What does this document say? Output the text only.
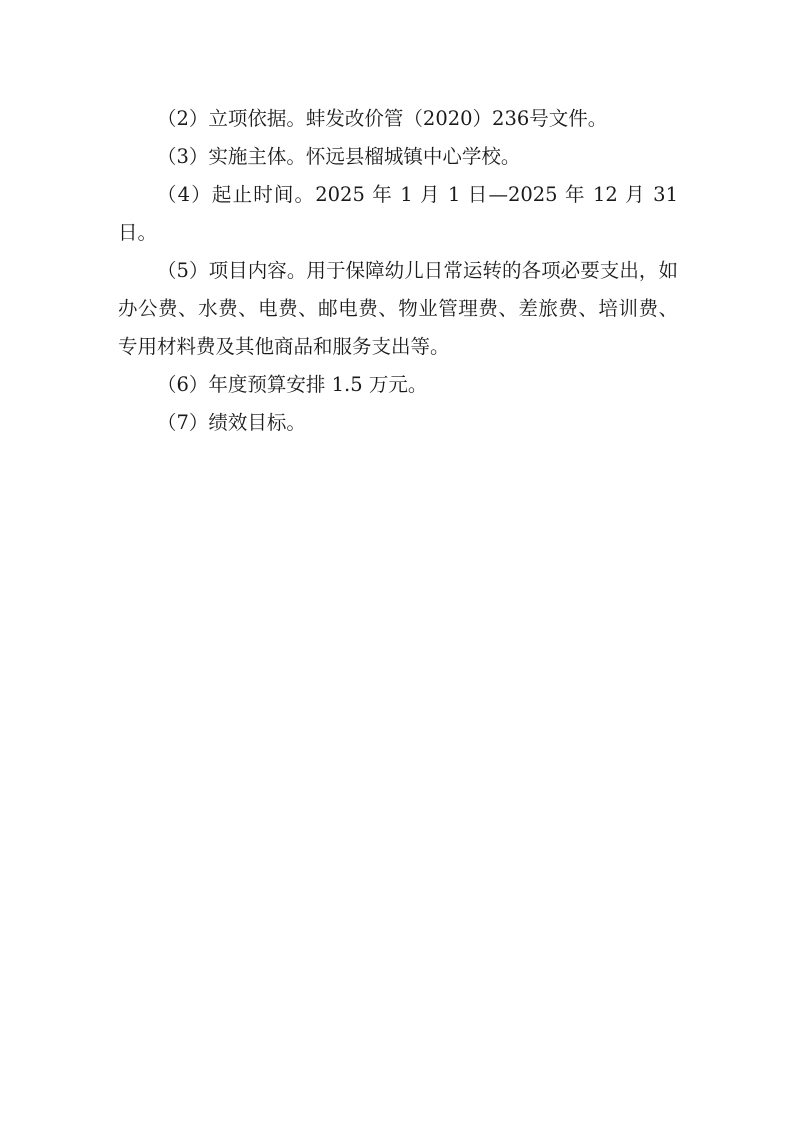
（2）立项依据。蚌发改价管（2020）236号文件。

（3）实施主体。怀远县榴城镇中心学校。

（4）起止时间。2025 年 1 月 1 日—2025 年 12 月 31 日。

（5）项目内容。用于保障幼儿日常运转的各项必要支出，如办公费、水费、电费、邮电费、物业管理费、差旅费、培训费、专用材料费及其他商品和服务支出等。

（6）年度预算安排 1.5 万元。

（7）绩效目标。
